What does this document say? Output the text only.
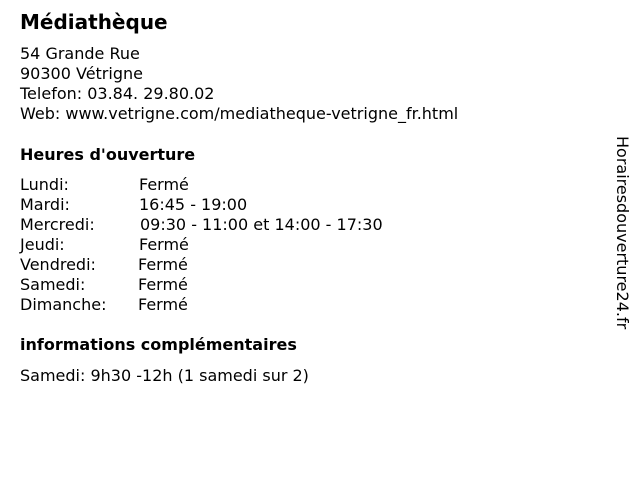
Médiathèque
54 Grande Rue
90300 Vétrigne
Telefon: 03.84. 29.80.02
Web: www.vetrigne.com/mediatheque-vetrigne_fr.html
Heures d'ouverture
Lundi:	Fermé
Mardi:	16:45 - 19:00
Mercredi:	09:30 - 11:00 et 14:00 - 17:30
Jeudi:	Fermé
Vendredi:	Fermé
Samedi:	Fermé
Dimanche: Fermé
informations complémentaires
Samedi: 9h30 -12h (1 samedi sur 2)
Horairesdouverture24.fr
